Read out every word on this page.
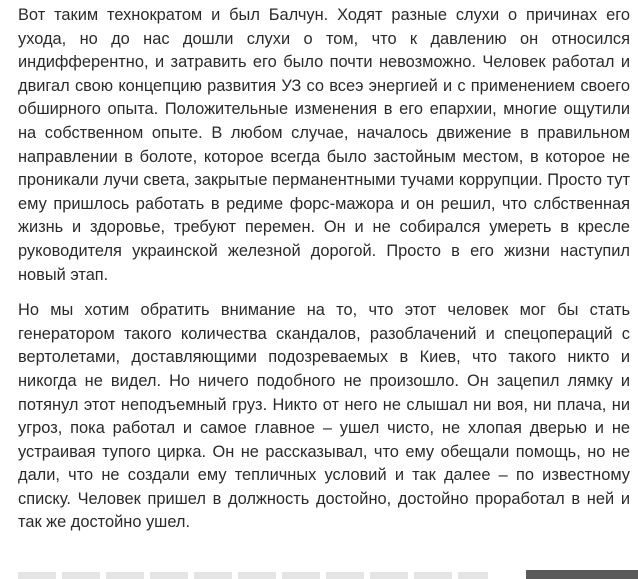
Вот таким технократом и был Балчун. Ходят разные слухи о причинах его ухода, но до нас дошли слухи о том, что к давлению он относился индифферентно, и затравить его было почти невозможно. Человек работал и двигал свою концепцию развития УЗ со всеэ энергией и с применением своего обширного опыта. Положительные изменения в его епархии, многие ощутили на собственном опыте. В любом случае, началось движение в правильном направлении в болоте, которое всегда было застойным местом, в которое не проникали лучи света, закрытые перманентными тучами коррупции. Просто тут ему пришлось работать в редиме форс-мажора и он решил, что слбственная жизнь и здоровье, требуют перемен. Он и не собирался умереть в кресле руководителя украинской железной дорогой. Просто в его жизни наступил новый этап.

Но мы хотим обратить внимание на то, что этот человек мог бы стать генератором такого количества скандалов, разоблачений и спецопераций с вертолетами, доставляющими подозреваемых в Киев, что такого никто и никогда не видел. Но ничего подобного не произошло. Он зацепил лямку и потянул этот неподъемный груз. Никто от него не слышал ни воя, ни плача, ни угроз, пока работал и самое главное – ушел чисто, не хлопая дверью и не устраивая тупого цирка. Он не рассказывал, что ему обещали помощь, но не дали, что не создали ему тепличных условий и так далее – по известному списку. Человек пришел в должность достойно, достойно проработал в ней и так же достойно ушел.
